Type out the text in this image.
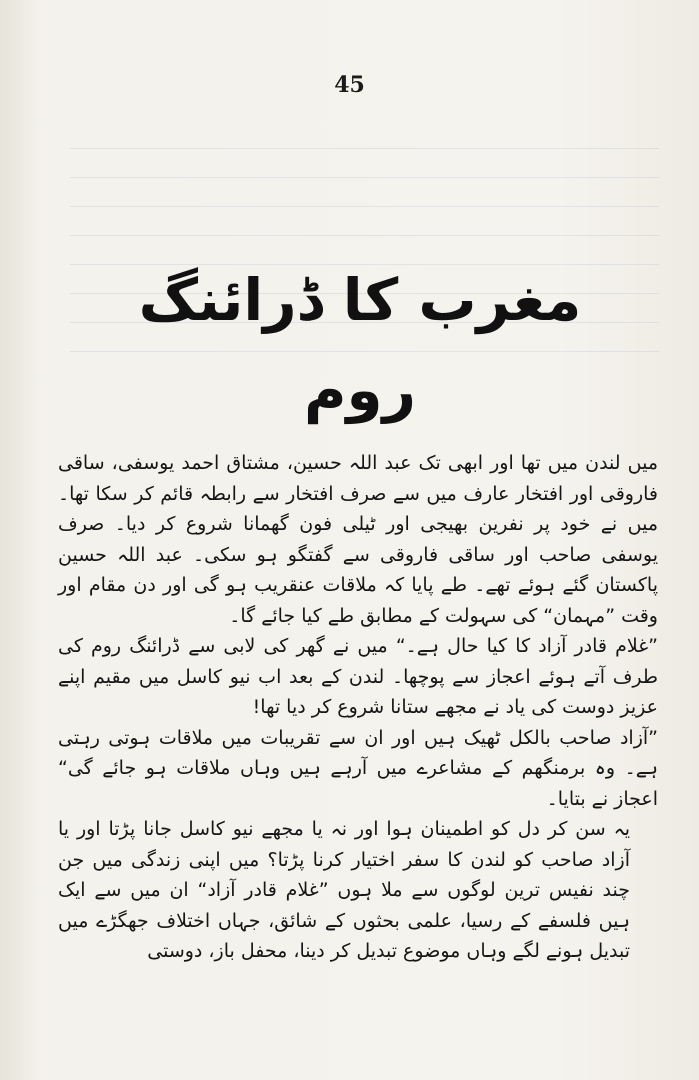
45
مغرب کا ڈرائنگ روم

میں لندن میں تھا اور ابھی تک عبد اللہ حسین، مشتاق احمد یوسفی، ساقی فاروقی اور افتخار عارف میں سے صرف افتخار سے رابطہ قائم کر سکا تھا۔ میں نے خود پر نفرین بھیجی اور ٹیلی فون گھمانا شروع کر دیا۔ صرف یوسفی صاحب اور ساقی فاروقی سے گفتگو ہو سکی۔ عبد اللہ حسین پاکستان گئے ہوئے تھے۔ طے پایا کہ ملاقات عنقریب ہو گی اور دن مقام اور وقت ”مہمان“ کی سہولت کے مطابق طے کیا جائے گا۔

”غلام قادر آزاد کا کیا حال ہے۔“ میں نے گھر کی لابی سے ڈرائنگ روم کی طرف آتے ہوئے اعجاز سے پوچھا۔ لندن کے بعد اب نیو کاسل میں مقیم اپنے عزیز دوست کی یاد نے مجھے ستانا شروع کر دیا تھا!

”آزاد صاحب بالکل ٹھیک ہیں اور ان سے تقریبات میں ملاقات ہوتی رہتی ہے۔ وہ برمنگھم کے مشاعرے میں آرہے ہیں وہاں ملاقات ہو جائے گی“ اعجاز نے بتایا۔

یہ سن کر دل کو اطمینان ہوا اور نہ یا مجھے نیو کاسل جانا پڑتا اور یا آزاد صاحب کو لندن کا سفر اختیار کرنا پڑتا؟ میں اپنی زندگی میں جن چند نفیس ترین لوگوں سے ملا ہوں ”غلام قادر آزاد“ ان میں سے ایک ہیں فلسفے کے رسیا، علمی بحثوں کے شائق، جہاں اختلاف جھگڑے میں تبدیل ہونے لگے وہاں موضوع تبدیل کر دینا، محفل باز، دوستی
